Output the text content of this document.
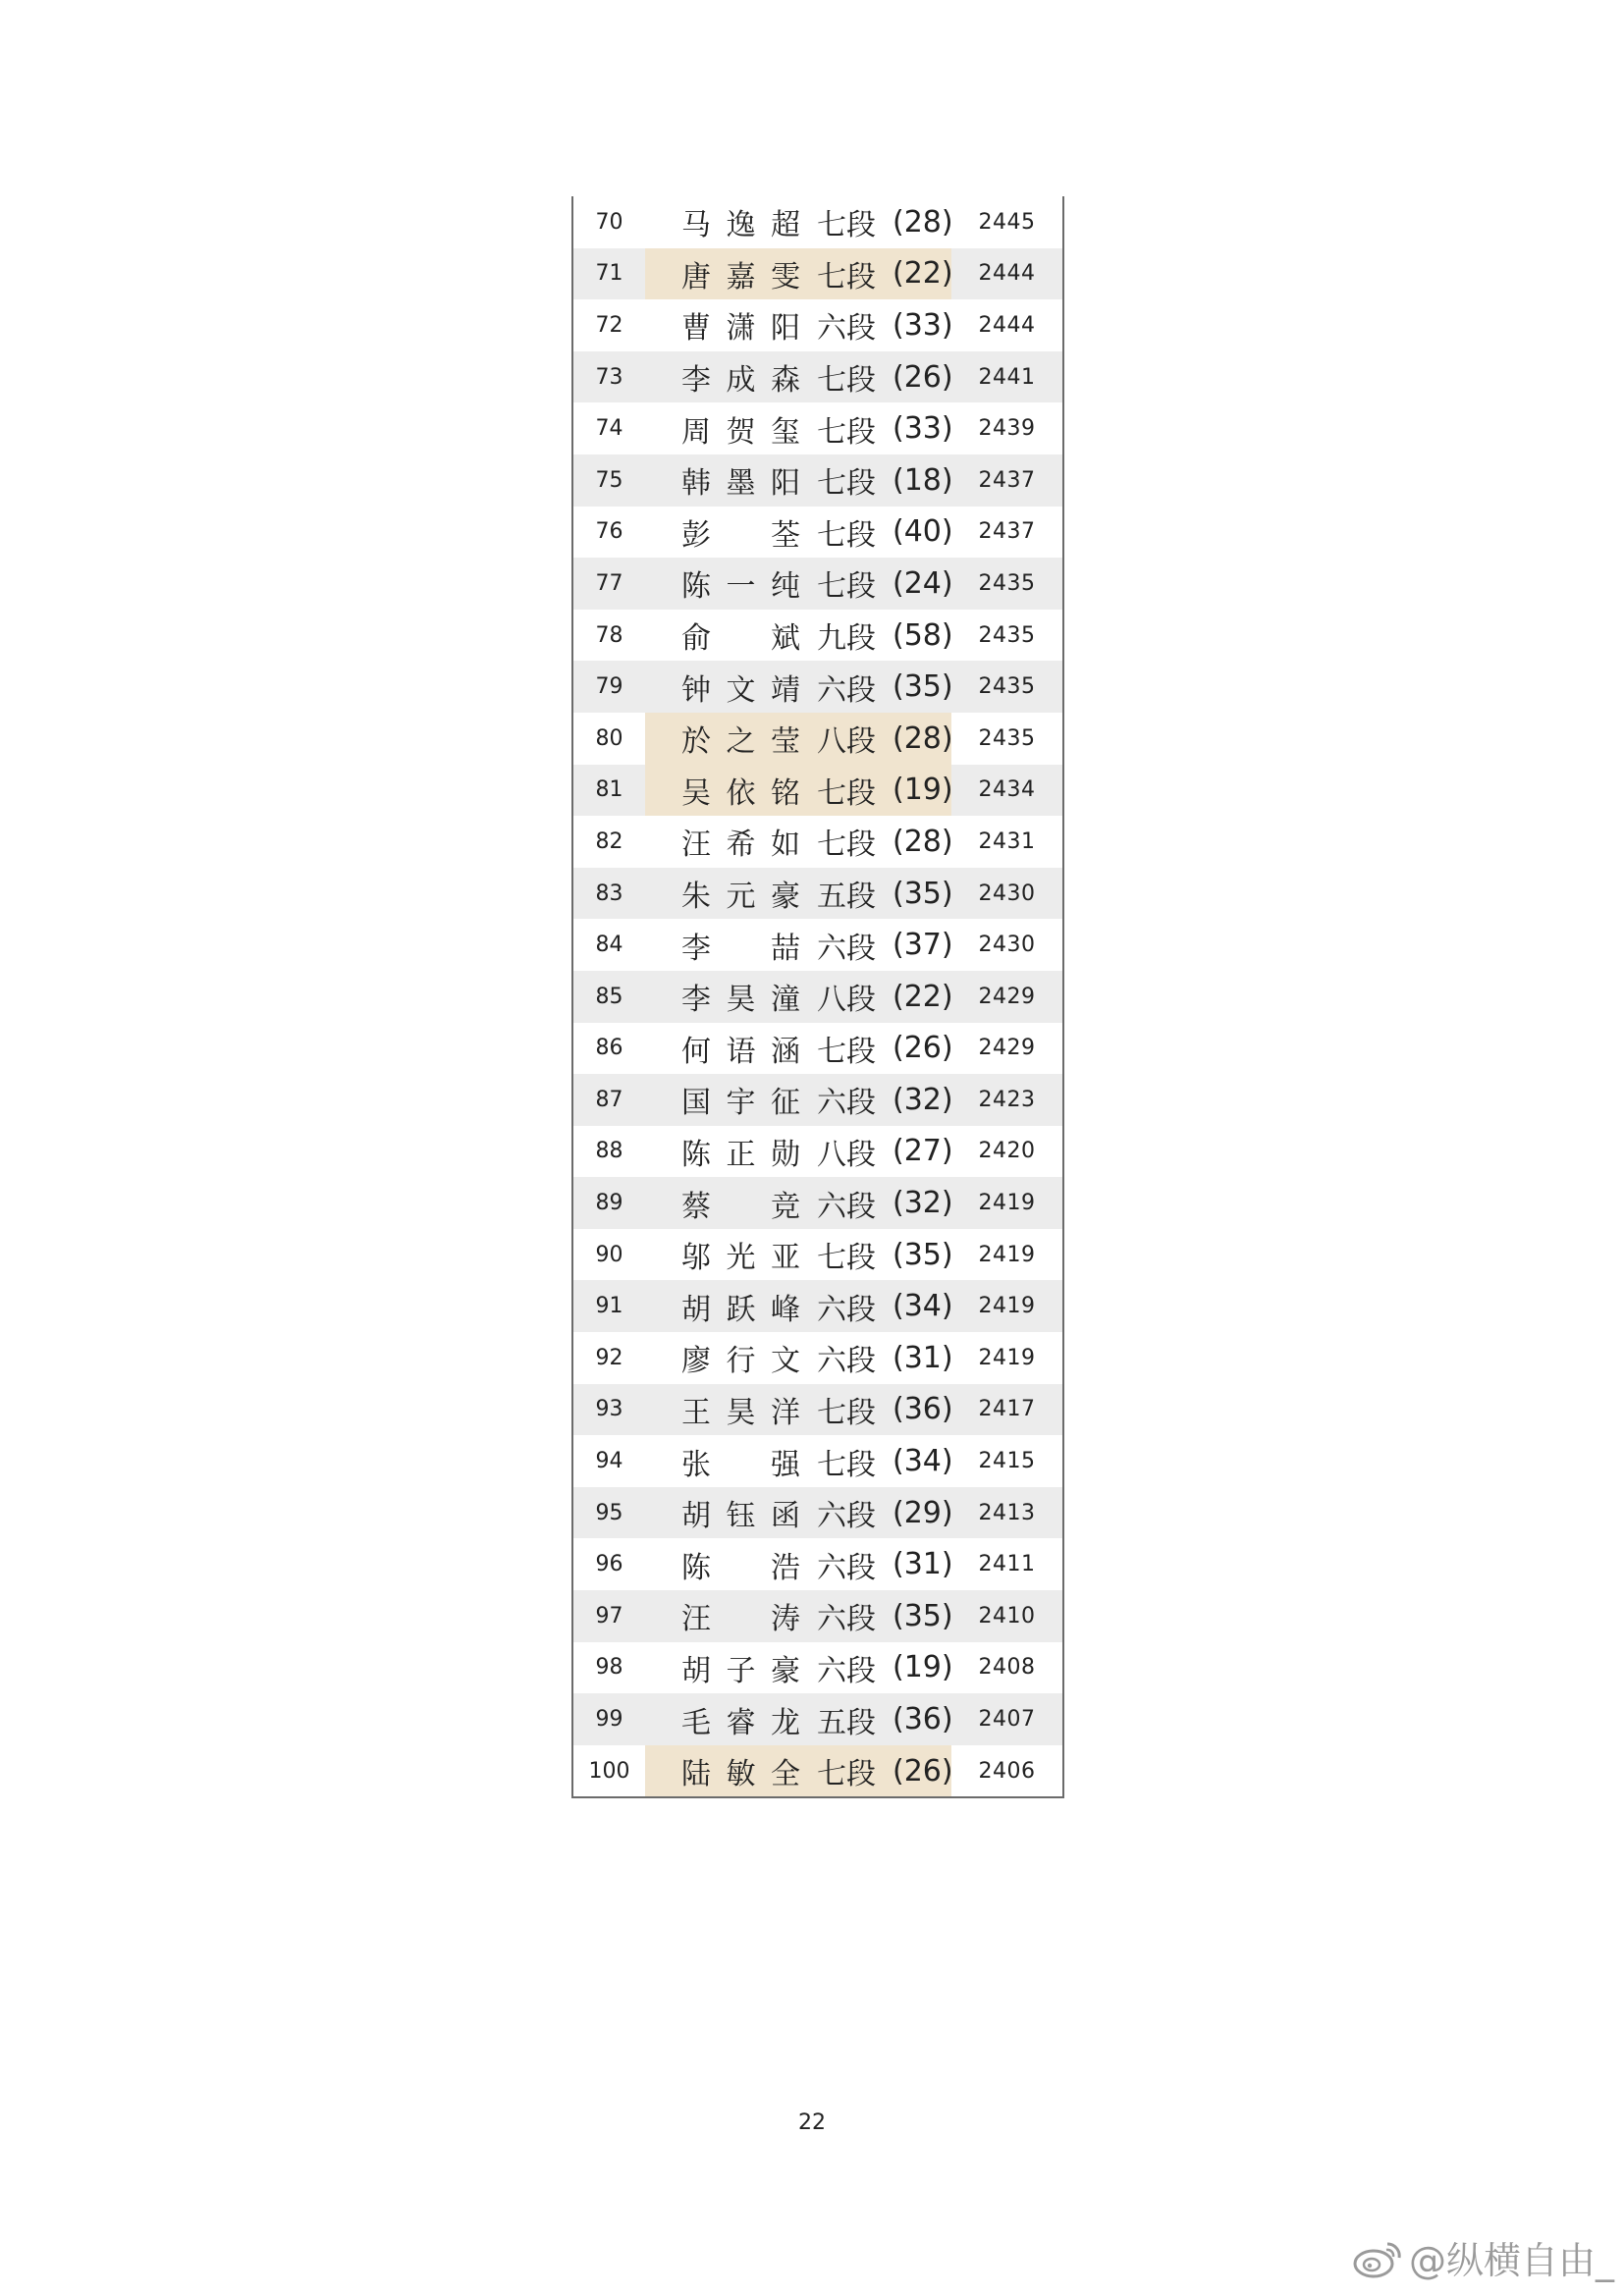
70	马逸超 七段 (28)	2445
71	唐嘉雯 七段 (22)	2444
72	曹潇阳 六段 (33)	2444
73	李成森 七段 (26)	2441
74	周贺玺 七段 (33)	2439
75	韩墨阳 七段 (18)	2437
76	彭荃 七段 (40)	2437
77	陈一纯 七段 (24)	2435
78	俞斌 九段 (58)	2435
79	钟文靖 六段 (35)	2435
80	於之莹 八段 (28)	2435
81	吴依铭 七段 (19)	2434
82	汪希如 七段 (28)	2431
83	朱元豪 五段 (35)	2430
84	李喆 六段 (37)	2430
85	李昊潼 八段 (22)	2429
86	何语涵 七段 (26)	2429
87	国宇征 六段 (32)	2423
88	陈正勋 八段 (27)	2420
89	蔡竞 六段 (32)	2419
90	邬光亚 七段 (35)	2419
91	胡跃峰 六段 (34)	2419
92	廖行文 六段 (31)	2419
93	王昊洋 七段 (36)	2417
94	张强 七段 (34)	2415
95	胡钰函 六段 (29)	2413
96	陈浩 六段 (31)	2411
97	汪涛 六段 (35)	2410
98	胡子豪 六段 (19)	2408
99	毛睿龙 五段 (36)	2407
100	陆敏全 七段 (26)	2406
22
@纵横自由_
